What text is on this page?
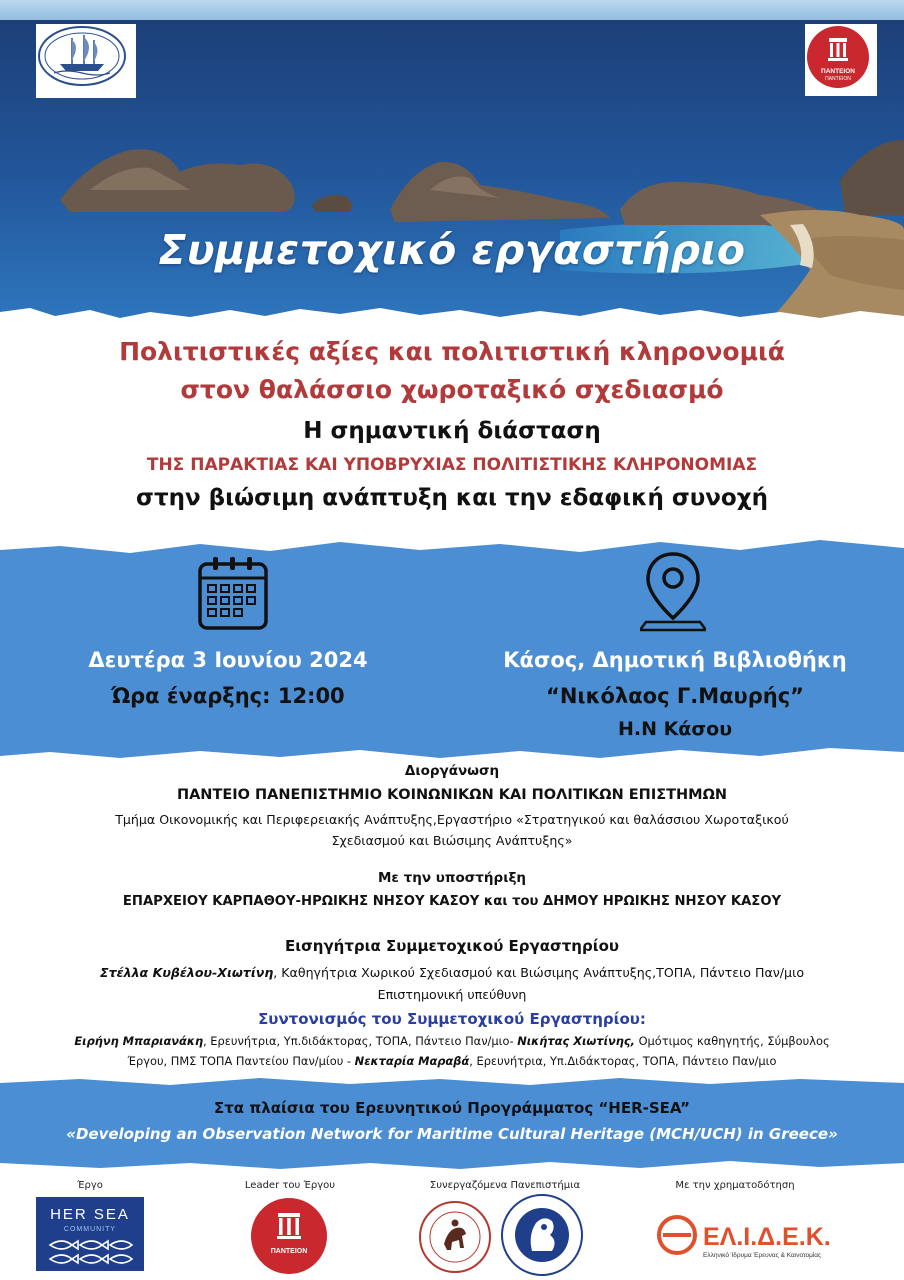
ΠΑΝΤΕΙΟΝ
ΠΑΝΤΕΙΟΝ
Συμμετοχικό εργαστήριο
Πολιτιστικές αξίες και πολιτιστική κληρονομιά
στον θαλάσσιο χωροταξικό σχεδιασμό
Η σημαντική διάσταση
ΤΗΣ ΠΑΡΑΚΤΙΑΣ ΚΑΙ ΥΠΟΒΡΥΧΙΑΣ ΠΟΛΙΤΙΣΤΙΚΗΣ ΚΛΗΡΟΝΟΜΙΑΣ
στην βιώσιμη ανάπτυξη και την εδαφική συνοχή
Δευτέρα 3 Ιουνίου 2024
Ώρα έναρξης: 12:00
Κάσος, Δημοτική Βιβλιοθήκη
“Νικόλαος Γ.Μαυρής”
Η.Ν Κάσου
Διοργάνωση
ΠΑΝΤΕΙΟ ΠΑΝΕΠΙΣΤΗΜΙΟ ΚΟΙΝΩΝΙΚΩΝ ΚΑΙ ΠΟΛΙΤΙΚΩΝ ΕΠΙΣΤΗΜΩΝ
Τμήμα Οικονομικής και Περιφερειακής Ανάπτυξης,Εργαστήριο «Στρατηγικού και θαλάσσιου Χωροταξικού
Σχεδιασμού και Βιώσιμης Ανάπτυξης»
Με την υποστήριξη
ΕΠΑΡΧΕΙΟΥ ΚΑΡΠΑΘΟΥ-ΗΡΩΙΚΗΣ ΝΗΣΟΥ ΚΑΣΟΥ και του ΔΗΜΟΥ ΗΡΩΙΚΗΣ ΝΗΣΟΥ ΚΑΣΟΥ
Εισηγήτρια Συμμετοχικού Εργαστηρίου
Στέλλα Κυβέλου-Χιωτίνη, Καθηγήτρια Χωρικού Σχεδιασμού και Βιώσιμης Ανάπτυξης,ΤΟΠΑ, Πάντειο Παν/μιο
Επιστημονική υπεύθυνη
Συντονισμός του Συμμετοχικού Εργαστηρίου:
Ειρήνη Μπαριανάκη, Ερευνήτρια, Υπ.διδάκτορας, ΤΟΠΑ, Πάντειο Παν/μιο- Νικήτας Χιωτίνης, Ομότιμος καθηγητής, Σύμβουλος
Έργου, ΠΜΣ ΤΟΠΑ Παντείου Παν/μίου - Νεκταρία Μαραβά, Ερευνήτρια, Υπ.Διδάκτορας, ΤΟΠΑ, Πάντειο Παν/μιο
Στα πλαίσια του Ερευνητικού Προγράμματος “HER-SEA”
«Developing an Observation Network for Maritime Cultural Heritage (MCH/UCH) in Greece»
Έργο	Leader του Έργου	Συνεργαζόμενα Πανεπιστήμια	Με την χρηματοδότηση
HER SEA
COMMUNITY
ΠΑΝΤΕΙΟΝ
ΕΛ.Ι.Δ.Ε.Κ.
Ελληνικό Ίδρυμα Έρευνας & Καινοτομίας
